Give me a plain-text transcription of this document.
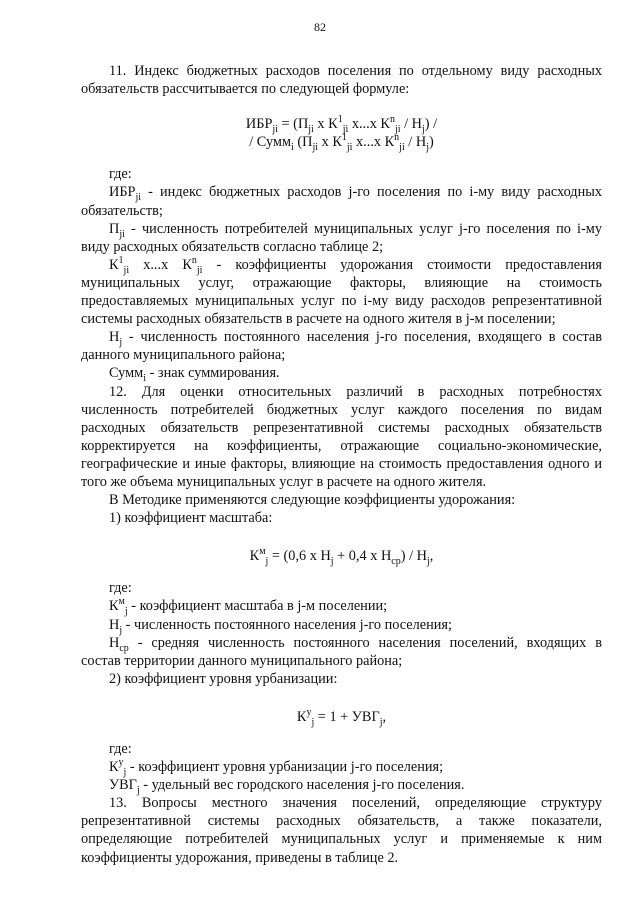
82

11. Индекс бюджетных расходов поселения по отдельному виду расходных обязательств рассчитывается по следующей формуле:

$ИБР_{ji} = (П_{ji}$ х $К^1_{ji}$ х...х $К^n_{ji} / Н_j$) /

/ Сумм$_i$ ($П_{ji}$ х $К^1_{ji}$ х...х $К^n_{ji} / Н_j$)

где:

$ИБР_{ji}$ - индекс бюджетных расходов j-го поселения по i-му виду расходных обязательств;

$П_{ji}$ - численность потребителей муниципальных услуг j-го поселения по i-му виду расходных обязательств согласно таблице 2;

$К^1_{ji}$ х...х $К^n_{ji}$ - коэффициенты удорожания стоимости предоставления муниципальных услуг, отражающие факторы, влияющие на стоимость предоставляемых муниципальных услуг по i-му виду расходов репрезентативной системы расходных обязательств в расчете на одного жителя в j-м поселении;

$Н_j$ - численность постоянного населения j-го поселения, входящего в состав данного муниципального района;

Сумм$_i$ - знак суммирования.

12. Для оценки относительных различий в расходных потребностях численность потребителей бюджетных услуг каждого поселения по видам расходных обязательств репрезентативной системы расходных обязательств корректируется на коэффициенты, отражающие социально-экономические, географические и иные факторы, влияющие на стоимость предоставления одного и того же объема муниципальных услуг в расчете на одного жителя.

В Методике применяются следующие коэффициенты удорожания:

1) коэффициент масштаба:

$К^м_j = (0,6$ х $Н_j + 0,4$ х $Н_{ср}) / Н_j$,

где:

$К^м_j$ - коэффициент масштаба в j-м поселении;

$Н_j$ - численность постоянного населения j-го поселения;

$Н_{ср}$ - средняя численность постоянного населения поселений, входящих в состав территории данного муниципального района;

2) коэффициент уровня урбанизации:

$К^у_j = 1 + УВГ_j$,

где:

$К^у_j$ - коэффициент уровня урбанизации j-го поселения;

$УВГ_j$ - удельный вес городского населения j-го поселения.

13. Вопросы местного значения поселений, определяющие структуру репрезентативной системы расходных обязательств, а также показатели, определяющие потребителей муниципальных услуг и применяемые к ним коэффициенты удорожания, приведены в таблице 2.
